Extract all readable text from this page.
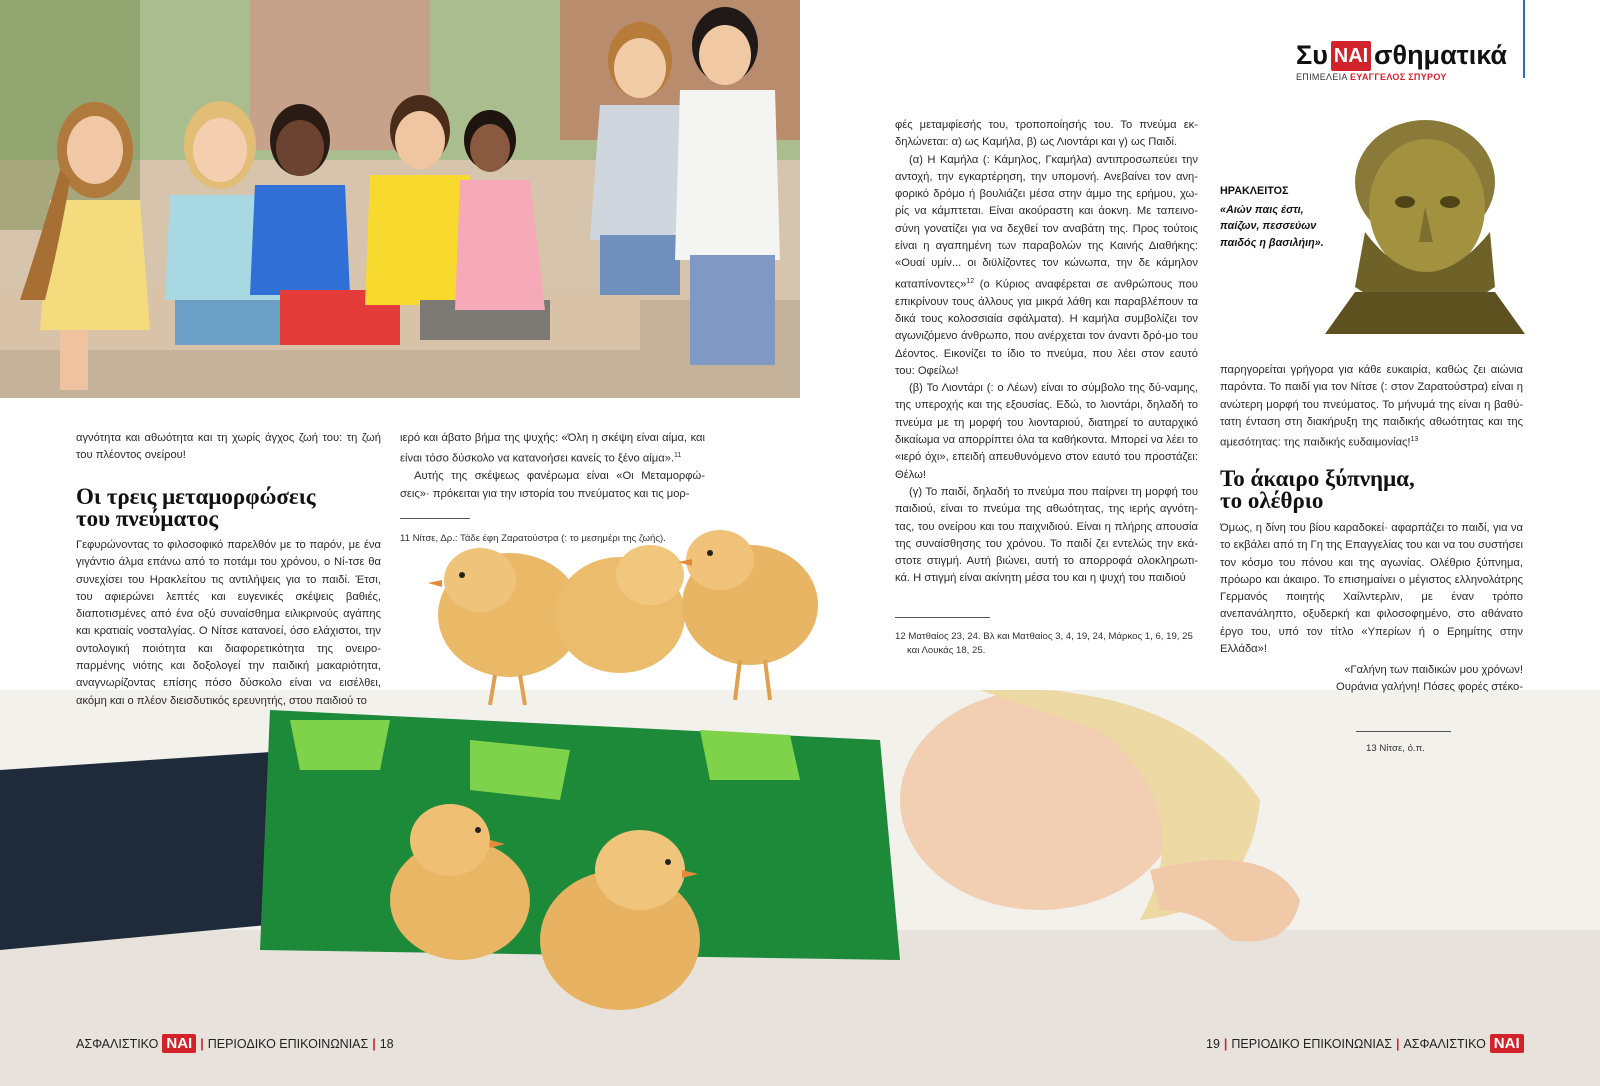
Συ ΝΑΙ σθηματικά
ΕΠΙΜΕΛΕΙΑ ΕΥΑΓΓΕΛΟΣ ΣΠΥΡΟΥ
ΗΡΑΚΛΕΙΤΟΣ
«Αιών παις έστι, παίζων, πεσσεύων παιδός η βασιλήιη».
αγνότητα και αθωότητα και τη χωρίς άγχος ζωή του: τη ζωή του πλέοντος ονείρου!
Οι τρεις μεταμορφώσεις
του πνεύματος
Γεφυρώνοντας το φιλοσοφικό παρελθόν με το παρόν, με ένα γιγάντιο άλμα επάνω από το ποτάμι του χρόνου, ο Νί-τσε θα συνεχίσει του Ηρακλείτου τις αντιλήψεις για το παιδί. Έτσι, του αφιερώνει λεπτές και ευγενικές σκέψεις βαθιές, διαποτισμένες από ένα οξύ συναίσθημα ειλικρινούς αγάπης και κρατιαίς νοσταλγίας. Ο Νίτσε κατανοεί, όσο ελάχιστοι, την οντολογική ποιότητα και διαφορετικότητα της ονειρο-παρμένης νιότης και δοξολογεί την παιδική μακαριότητα, αναγνωρίζοντας επίσης πόσο δύσκολο είναι να εισέλθει, ακόμη και ο πλέον διεισδυτικός ερευνητής, στου παιδιού το

ιερό και άβατο βήμα της ψυχής: «Όλη η σκέψη είναι αίμα, και είναι τόσο δύσκολο να κατανοήσει κανείς το ξένο αίμα».$^{11}$

Αυτής της σκέψεως φανέρωμα είναι «Οι Μεταμορφώ-σεις»· πρόκειται για την ιστορία του πνεύματος και τις μορ-

11 Νίτσε, Δρ.: Τάδε έφη Ζαρατούστρα (: το μεσημέρι της ζωής).

φές μεταμφίεσής του, τροποποίησής του. Το πνεύμα εκ-δηλώνεται: α) ως Καμήλα, β) ως Λιοντάρι και γ) ως Παιδί.

(α) Η Καμήλα (: Κάμηλος, Γκαμήλα) αντιπροσωπεύει την αντοχή, την εγκαρτέρηση, την υπομονή. Ανεβαίνει τον ανη-φορικό δρόμο ή βουλιάζει μέσα στην άμμο της ερήμου, χω-ρίς να κάμπτεται. Είναι ακούραστη και άοκνη. Με ταπεινο-σύνη γονατίζει για να δεχθεί τον αναβάτη της. Προς τούτοις είναι η αγαπημένη των παραβολών της Καινής Διαθήκης: «Ουαί υμίν... οι διϋλίζοντες τον κώνωπα, την δε κάμηλον καταπίνοντες»$^{12}$ (ο Κύριος αναφέρεται σε ανθρώπους που επικρίνουν τους άλλους για μικρά λάθη και παραβλέπουν τα δικά τους κολοσσιαία σφάλματα). Η καμήλα συμβολίζει τον αγωνιζόμενο άνθρωπο, που ανέρχεται τον άναντι δρό-μο του Δέοντος. Εικονίζει το ίδιο το πνεύμα, που λέει στον εαυτό του: Οφείλω!

(β) Το Λιοντάρι (: ο Λέων) είναι το σύμβολο της δύ-ναμης, της υπεροχής και της εξουσίας. Εδώ, το λιοντάρι, δηλαδή το πνεύμα με τη μορφή του λιονταριού, διατηρεί το αυταρχικό δικαίωμα να απορρίπτει όλα τα καθήκοντα. Μπορεί να λέει το «ιερό όχι», επειδή απευθυνόμενο στον εαυτό του προστάζει: Θέλω!

(γ) Το παιδί, δηλαδή το πνεύμα που παίρνει τη μορφή του παιδιού, είναι το πνεύμα της αθωότητας, της ιερής αγνότη-τας, του ονείρου και του παιχνιδιού. Είναι η πλήρης απουσία της συναίσθησης του χρόνου. Το παιδί ζει εντελώς την εκά-στοτε στιγμή. Αυτή βιώνει, αυτή το απορροφά ολοκληρωτι-κά. Η στιγμή είναι ακίνητη μέσα του και η ψυχή του παιδιού

12 Ματθαίος 23, 24. Βλ και Ματθαίος 3, 4, 19, 24, Μάρκος 1, 6, 19, 25
και Λουκάς 18, 25.

παρηγορείται γρήγορα για κάθε ευκαιρία, καθώς ζει αιώνια παρόντα. Το παιδί για τον Νίτσε (: στον Ζαρατούστρα) είναι η ανώτερη μορφή του πνεύματος. Το μήνυμά της είναι η βαθύ-τατη ένταση στη διακήρυξη της παιδικής αθωότητας και της αμεσότητας: της παιδικής ευδαιμονίας!$^{13}$

Το άκαιρο ξύπνημα,
το ολέθριο
Όμως, η δίνη του βίου καραδοκεί· αφαρπάζει το παιδί, για να το εκβάλει από τη Γη της Επαγγελίας του και να του συστήσει τον κόσμο του πόνου και της αγωνίας. Ολέθριο ξύπνημα, πρόωρο και άκαιρο. Το επισημαίνει ο μέγιστος ελληνολάτρης Γερμανός ποιητής Χαίλντερλιν, με έναν τρόπο ανεπανάληπτο, οξυδερκή και φιλοσοφημένο, στο αθάνατο έργο του, υπό τον τίτλο «Υπερίων ή ο Ερημίτης στην Ελλάδα»!
«Γαλήνη των παιδικών μου χρόνων!
Ουράνια γαλήνη! Πόσες φορές στέκο-
13 Νίτσε, ό.π.
ΑΣΦΑΛΙΣΤΙΚΟ ΝΑΙ | ΠΕΡΙΟΔΙΚΟ ΕΠΙΚΟΙΝΩΝΙΑΣ | 18	19 | ΠΕΡΙΟΔΙΚΟ ΕΠΙΚΟΙΝΩΝΙΑΣ | ΑΣΦΑΛΙΣΤΙΚΟ ΝΑΙ
